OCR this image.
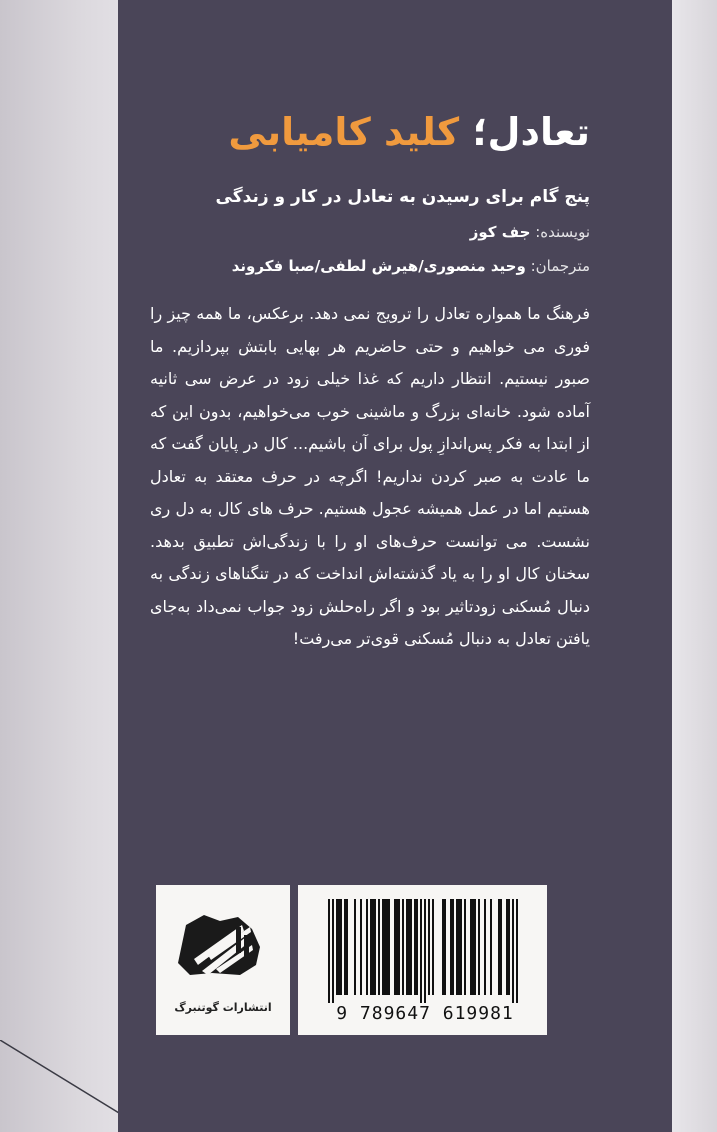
تعادل؛ کلید کامیابی
پنج گام برای رسیدن به تعادل در کار و زندگی
نویسنده: جف کوز
مترجمان: وحید منصوری/هیرش لطفی/صبا فکروند

فرهنگ ما همواره تعادل را ترویج نمی دهد. برعکس، ما همه چیز را فوری می خواهیم و حتی حاضریم هر بهایی بابتش بپردازیم. ما صبور نیستیم. انتظار داریم که غذا خیلی زود در عرض سی ثانیه آماده شود. خانه‌ای بزرگ و ماشینی خوب می‌خواهیم، بدون این که از ابتدا به فکر پس‌اندازِ پول برای آن باشیم... کال در پایان گفت که ما عادت به صبر کردن نداریم! اگرچه در حرف معتقد به تعادل هستیم اما در عمل همیشه عجول هستیم. حرف های کال به دل ری نشست. می توانست حرف‌های او را با زندگی‌اش تطبیق بدهد. سخنان کال او را به یاد گذشته‌اش انداخت که در تنگناهای زندگی به دنبال مُسکنی زودتاثیر بود و اگر راه‌حلش زود جواب نمی‌داد به‌جای یافتن تعادل به دنبال مُسکنی قوی‌تر می‌رفت!

انتشارات گوتنبرگ	9 789647 619981
